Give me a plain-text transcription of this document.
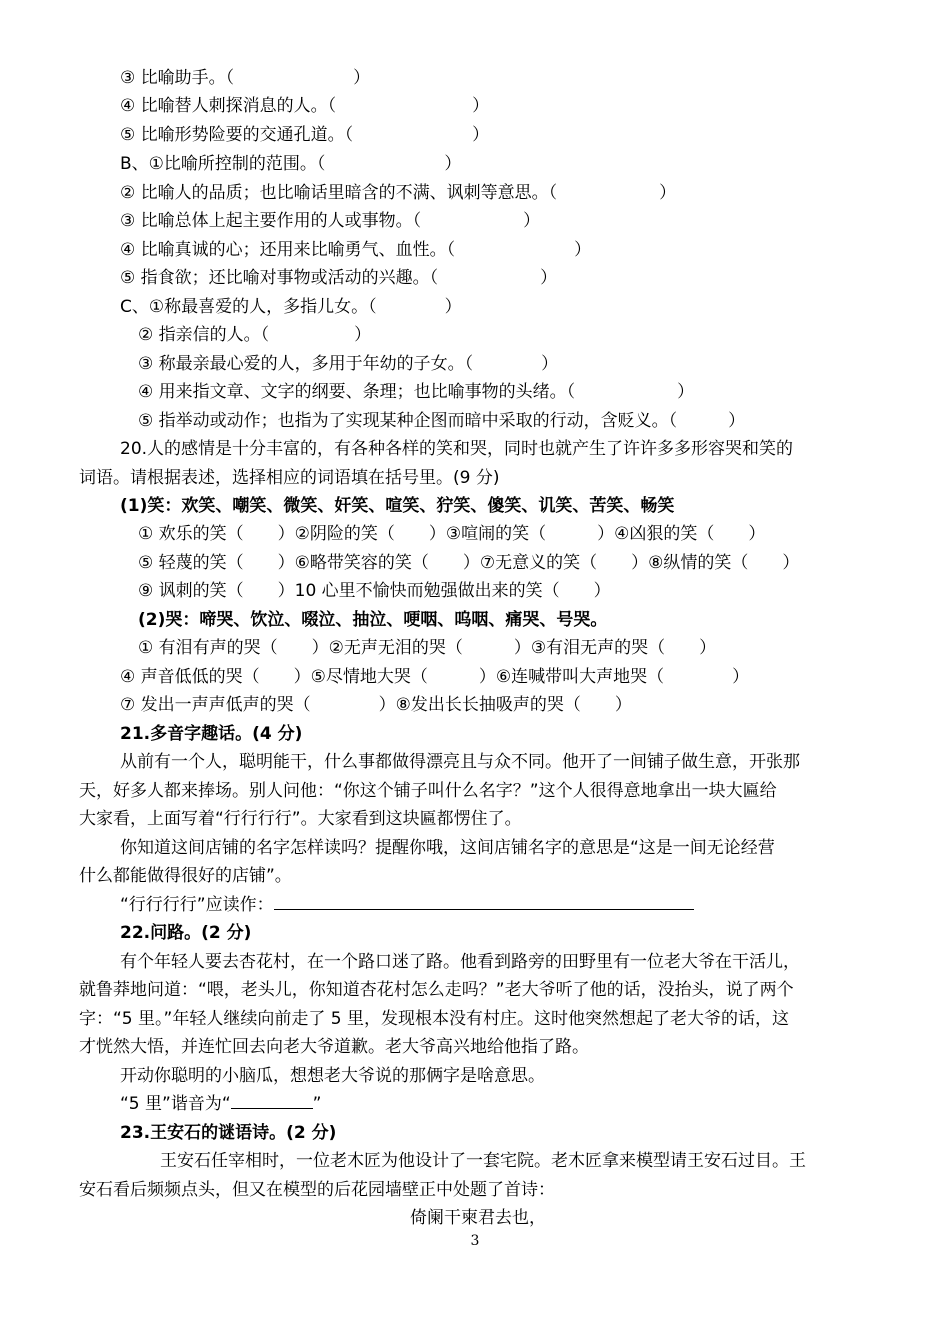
③ 比喻助手。（　　　　　　　）
④ 比喻替人刺探消息的人。（　　　　　　　　）
⑤ 比喻形势险要的交通孔道。（　　　　　　　）
B、①比喻所控制的范围。（　　　　　　　）
② 比喻人的品质；也比喻话里暗含的不满、讽刺等意思。（　　　　　　）
③ 比喻总体上起主要作用的人或事物。（　　　　　　）
④ 比喻真诚的心；还用来比喻勇气、血性。（　　　　　　　）
⑤ 指食欲；还比喻对事物或活动的兴趣。（　　　　　　）
C、①称最喜爱的人，多指儿女。（　　　　）
② 指亲信的人。（　　　　　）
③ 称最亲最心爱的人，多用于年幼的子女。（　　　　）
④ 用来指文章、文字的纲要、条理；也比喻事物的头绪。（　　　　　　）
⑤ 指举动或动作；也指为了实现某种企图而暗中采取的行动，含贬义。（　　　）
20.人的感情是十分丰富的，有各种各样的笑和哭，同时也就产生了许许多多形容哭和笑的
词语。请根据表述，选择相应的词语填在括号里。(9 分)
(1)笑：欢笑、嘲笑、微笑、奸笑、喧笑、狞笑、傻笑、讥笑、苦笑、畅笑
① 欢乐的笑（　　）②阴险的笑（　　）③喧闹的笑（　　　）④凶狠的笑（　　）
⑤ 轻蔑的笑（　　）⑥略带笑容的笑（　　）⑦无意义的笑（　　）⑧纵情的笑（　　）
⑨ 讽刺的笑（　　）10 心里不愉快而勉强做出来的笑（　　）
(2)哭：啼哭、饮泣、啜泣、抽泣、哽咽、呜咽、痛哭、号哭。
① 有泪有声的哭（　　）②无声无泪的哭（　　　）③有泪无声的哭（　　）
④ 声音低低的哭（　　）⑤尽情地大哭（　　　）⑥连喊带叫大声地哭（　　　　）
⑦ 发出一声声低声的哭（　　　　）⑧发出长长抽吸声的哭（　　）
21.多音字趣话。(4 分)
从前有一个人，聪明能干，什么事都做得漂亮且与众不同。他开了一间铺子做生意，开张那
天，好多人都来捧场。别人问他：“你这个铺子叫什么名字？”这个人很得意地拿出一块大匾给
大家看，上面写着“行行行行”。大家看到这块匾都愣住了。
你知道这间店铺的名字怎样读吗？提醒你哦，这间店铺名字的意思是“这是一间无论经营
什么都能做得很好的店铺”。
“行行行行”应读作：
22.问路。(2 分)
有个年轻人要去杏花村，在一个路口迷了路。他看到路旁的田野里有一位老大爷在干活儿，
就鲁莽地问道：“喂，老头儿，你知道杏花村怎么走吗？”老大爷听了他的话，没抬头，说了两个
字：“5 里。”年轻人继续向前走了 5 里，发现根本没有村庄。这时他突然想起了老大爷的话，这
才恍然大悟，并连忙回去向老大爷道歉。老大爷高兴地给他指了路。
开动你聪明的小脑瓜，想想老大爷说的那俩字是啥意思。
“5 里”谐音为“	”
23.王安石的谜语诗。(2 分)
王安石任宰相时，一位老木匠为他设计了一套宅院。老木匠拿来模型请王安石过目。王
安石看后频频点头，但又在模型的后花园墙壁正中处题了首诗：
倚阑干柬君去也，
3
